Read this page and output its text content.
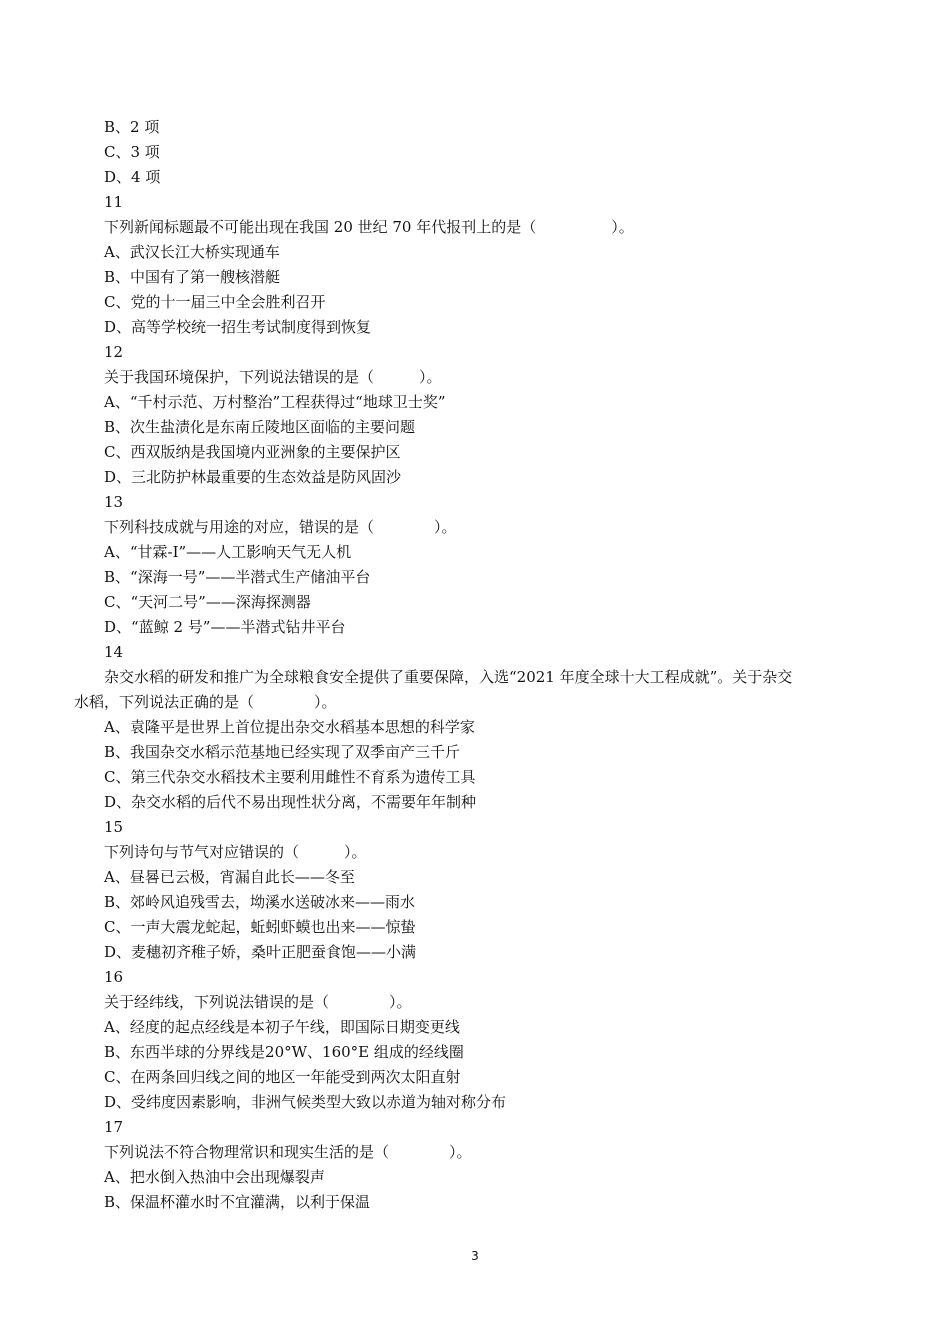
B、2 项
C、3 项
D、4 项
11
下列新闻标题最不可能出现在我国 20 世纪 70 年代报刊上的是（　　　　　）。
A、武汉长江大桥实现通车
B、中国有了第一艘核潜艇
C、党的十一届三中全会胜利召开
D、高等学校统一招生考试制度得到恢复
12
关于我国环境保护，下列说法错误的是（　　　）。
A、“千村示范、万村整治”工程获得过“地球卫士奖”
B、次生盐渍化是东南丘陵地区面临的主要问题
C、西双版纳是我国境内亚洲象的主要保护区
D、三北防护林最重要的生态效益是防风固沙
13
下列科技成就与用途的对应，错误的是（　　　　）。
A、“甘霖-Ⅰ”——人工影响天气无人机
B、“深海一号”——半潜式生产储油平台
C、“天河二号”——深海探测器
D、“蓝鲸 2 号”——半潜式钻井平台
14
杂交水稻的研发和推广为全球粮食安全提供了重要保障，入选“2021 年度全球十大工程成就”。关于杂交
水稻，下列说法正确的是（　　　　）。
A、袁隆平是世界上首位提出杂交水稻基本思想的科学家
B、我国杂交水稻示范基地已经实现了双季亩产三千斤
C、第三代杂交水稻技术主要利用雌性不育系为遗传工具
D、杂交水稻的后代不易出现性状分离，不需要年年制种
15
下列诗句与节气对应错误的（　　　）。
A、昼晷已云极，宵漏自此长——冬至
B、郊岭风追残雪去，坳溪水送破冰来——雨水
C、一声大震龙蛇起，蚯蚓虾蟆也出来——惊蛰
D、麦穗初齐稚子娇，桑叶正肥蚕食饱——小满
16
关于经纬线，下列说法错误的是（　　　　）。
A、经度的起点经线是本初子午线，即国际日期变更线
B、东西半球的分界线是20°W、160°E 组成的经线圈
C、在两条回归线之间的地区一年能受到两次太阳直射
D、受纬度因素影响，非洲气候类型大致以赤道为轴对称分布
17
下列说法不符合物理常识和现实生活的是（　　　　）。
A、把水倒入热油中会出现爆裂声
B、保温杯灌水时不宜灌满，以利于保温
3
